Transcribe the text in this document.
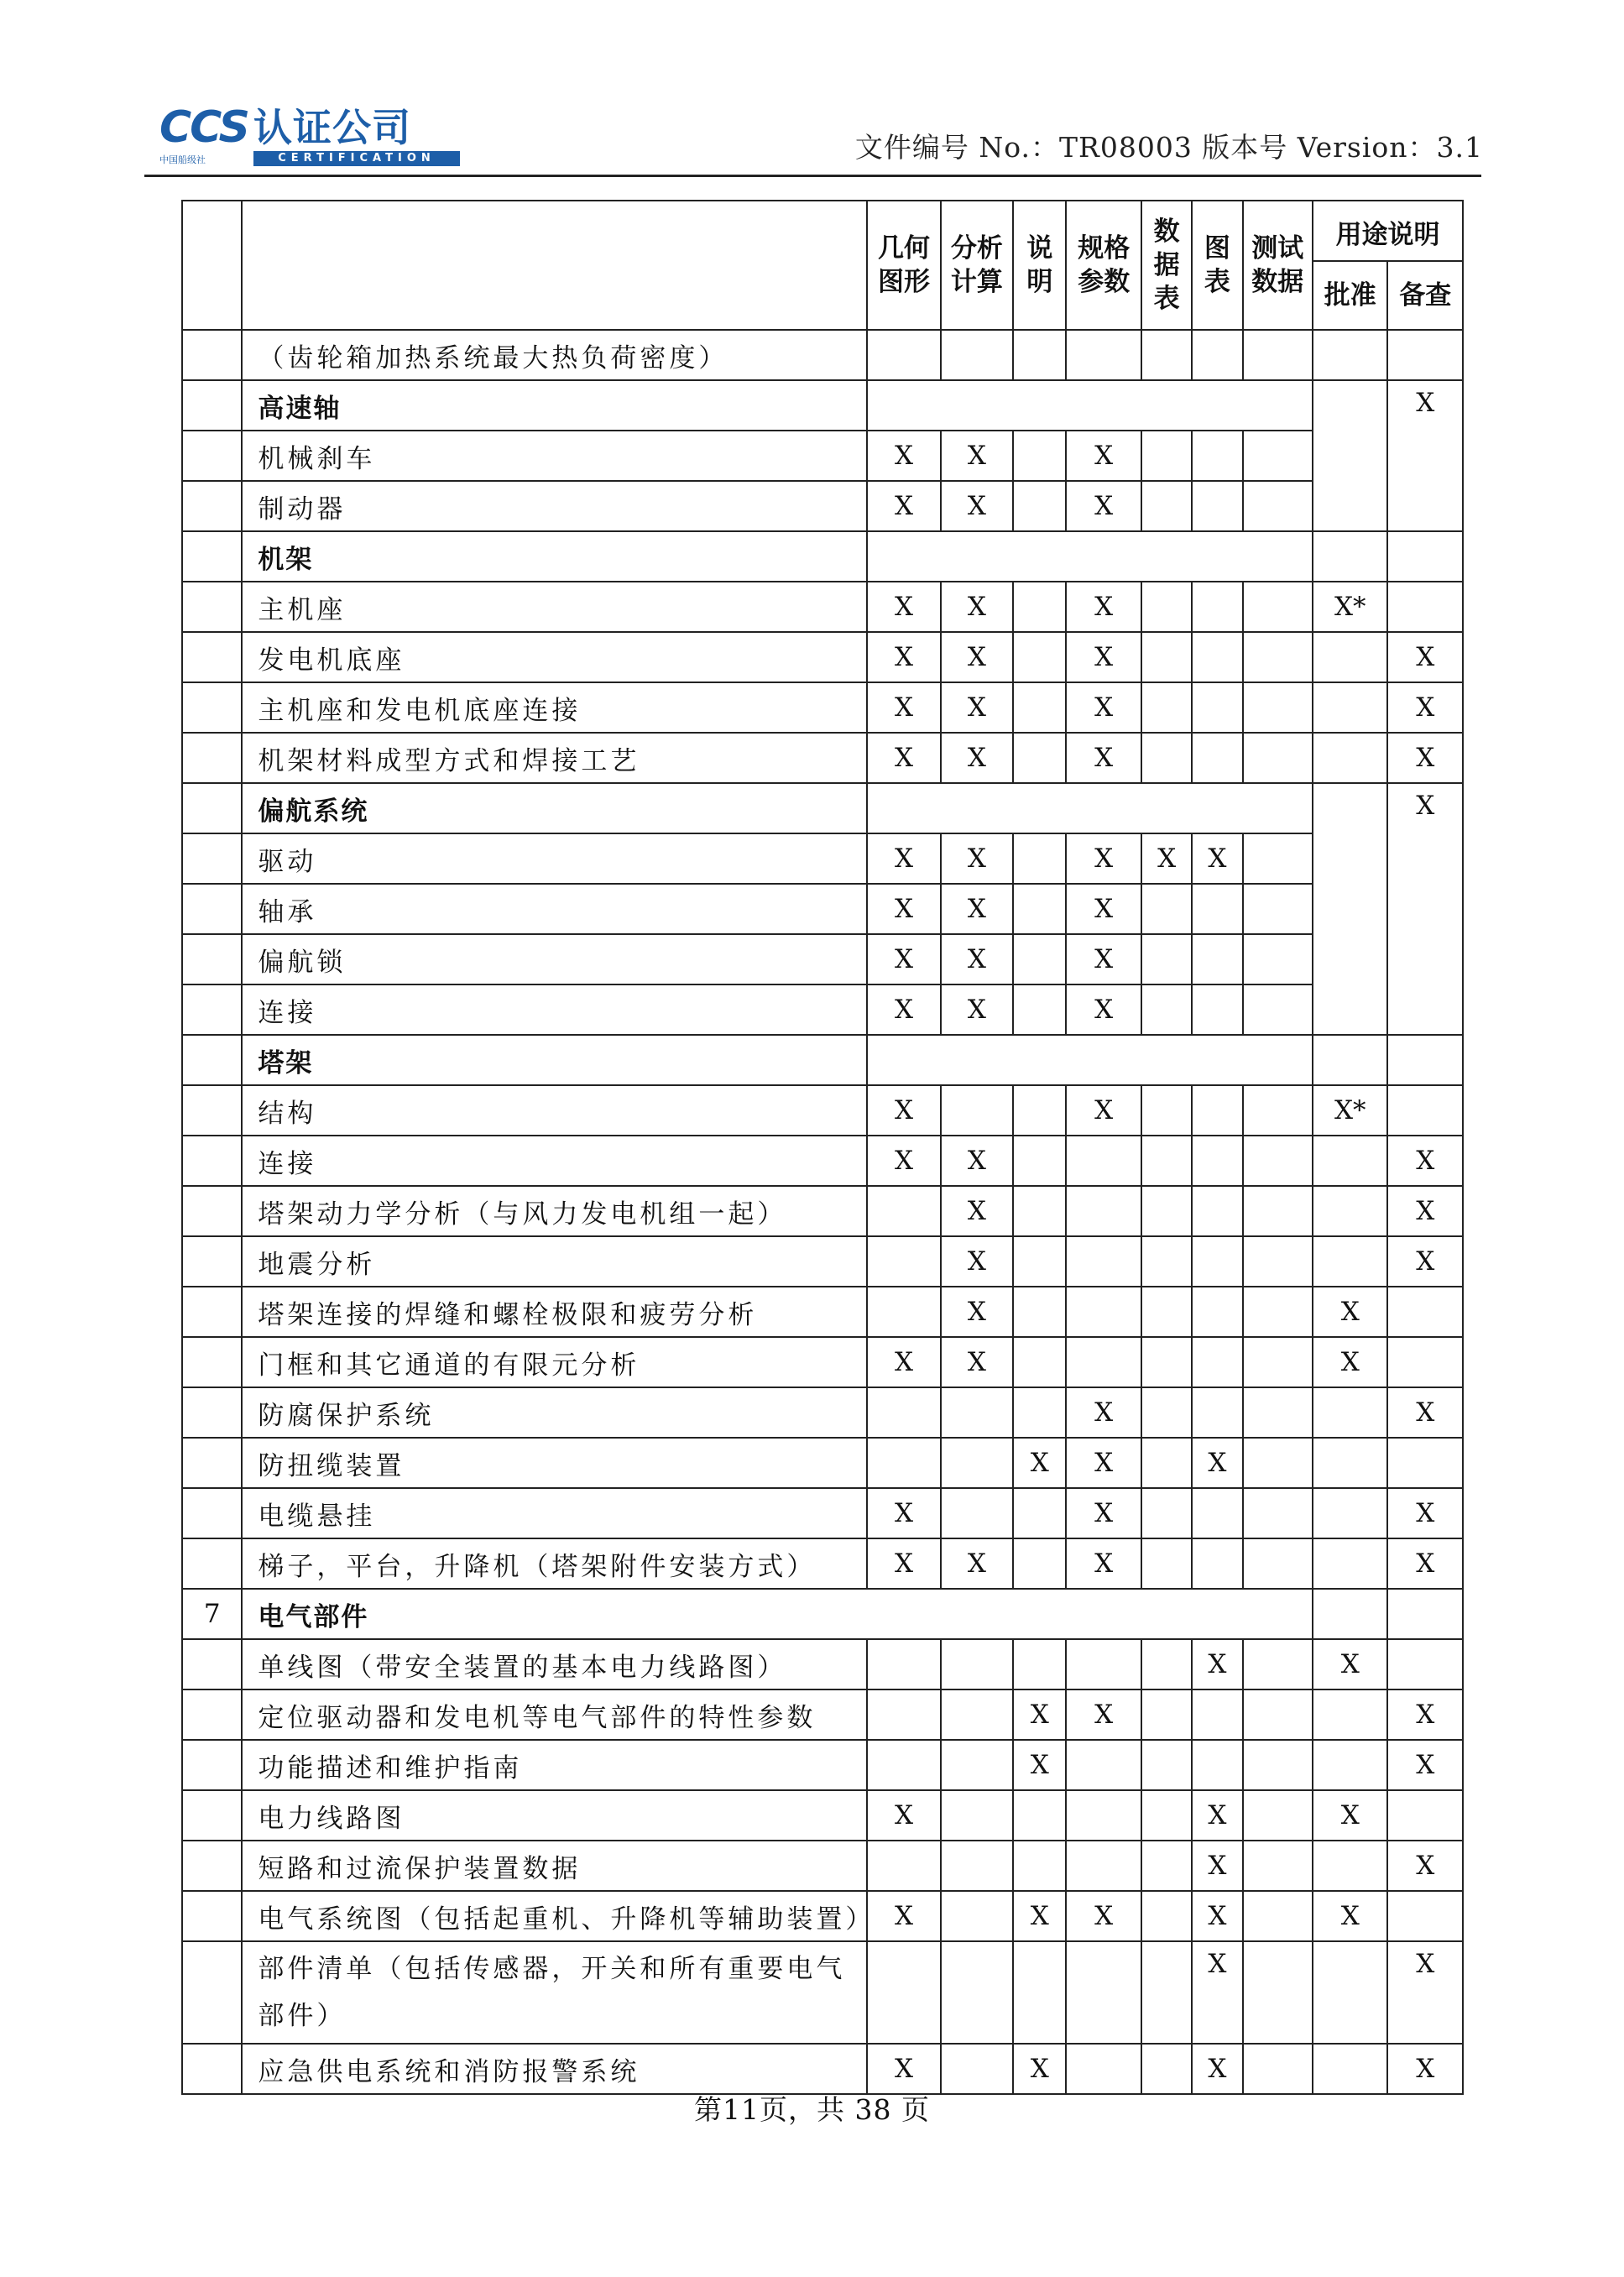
CCS 认证公司
中国船级社	CERTIFICATION	文件编号 No.：TR08003 版本号 Version：3.1
		几何图形	分析计算	说明	规格参数	数据表	图表	测试数据	用途说明	
									批准	备查
	（齿轮箱加热系统最大热负荷密度）									
	高速轴									X
	机械刹车	X	X		X					
	制动器	X	X		X					
	机架									
	主机座	X	X		X				X*	
	发电机底座	X	X		X					X
	主机座和发电机底座连接	X	X		X					X
	机架材料成型方式和焊接工艺	X	X		X					X
	偏航系统									X
	驱动	X	X		X	X	X			
	轴承	X	X		X					
	偏航锁	X	X		X					
	连接	X	X		X					
	塔架									
	结构	X			X				X*	
	连接	X	X							X
	塔架动力学分析（与风力发电机组一起）		X							X
	地震分析		X							X
	塔架连接的焊缝和螺栓极限和疲劳分析		X						X	
	门框和其它通道的有限元分析	X	X						X	
	防腐保护系统				X					X
	防扭缆装置			X	X		X			
	电缆悬挂	X			X					X
	梯子，平台，升降机（塔架附件安装方式）	X	X		X					X
7	电气部件									
	单线图（带安全装置的基本电力线路图）						X		X	
	定位驱动器和发电机等电气部件的特性参数			X	X					X
	功能描述和维护指南			X						X
	电力线路图	X					X		X	
	短路和过流保护装置数据						X			X
	电气系统图（包括起重机、升降机等辅助装置）	X		X	X		X		X	
	部件清单（包括传感器，开关和所有重要电气部件）						X			X
	应急供电系统和消防报警系统	X		X			X			X
第11页，共 38 页
